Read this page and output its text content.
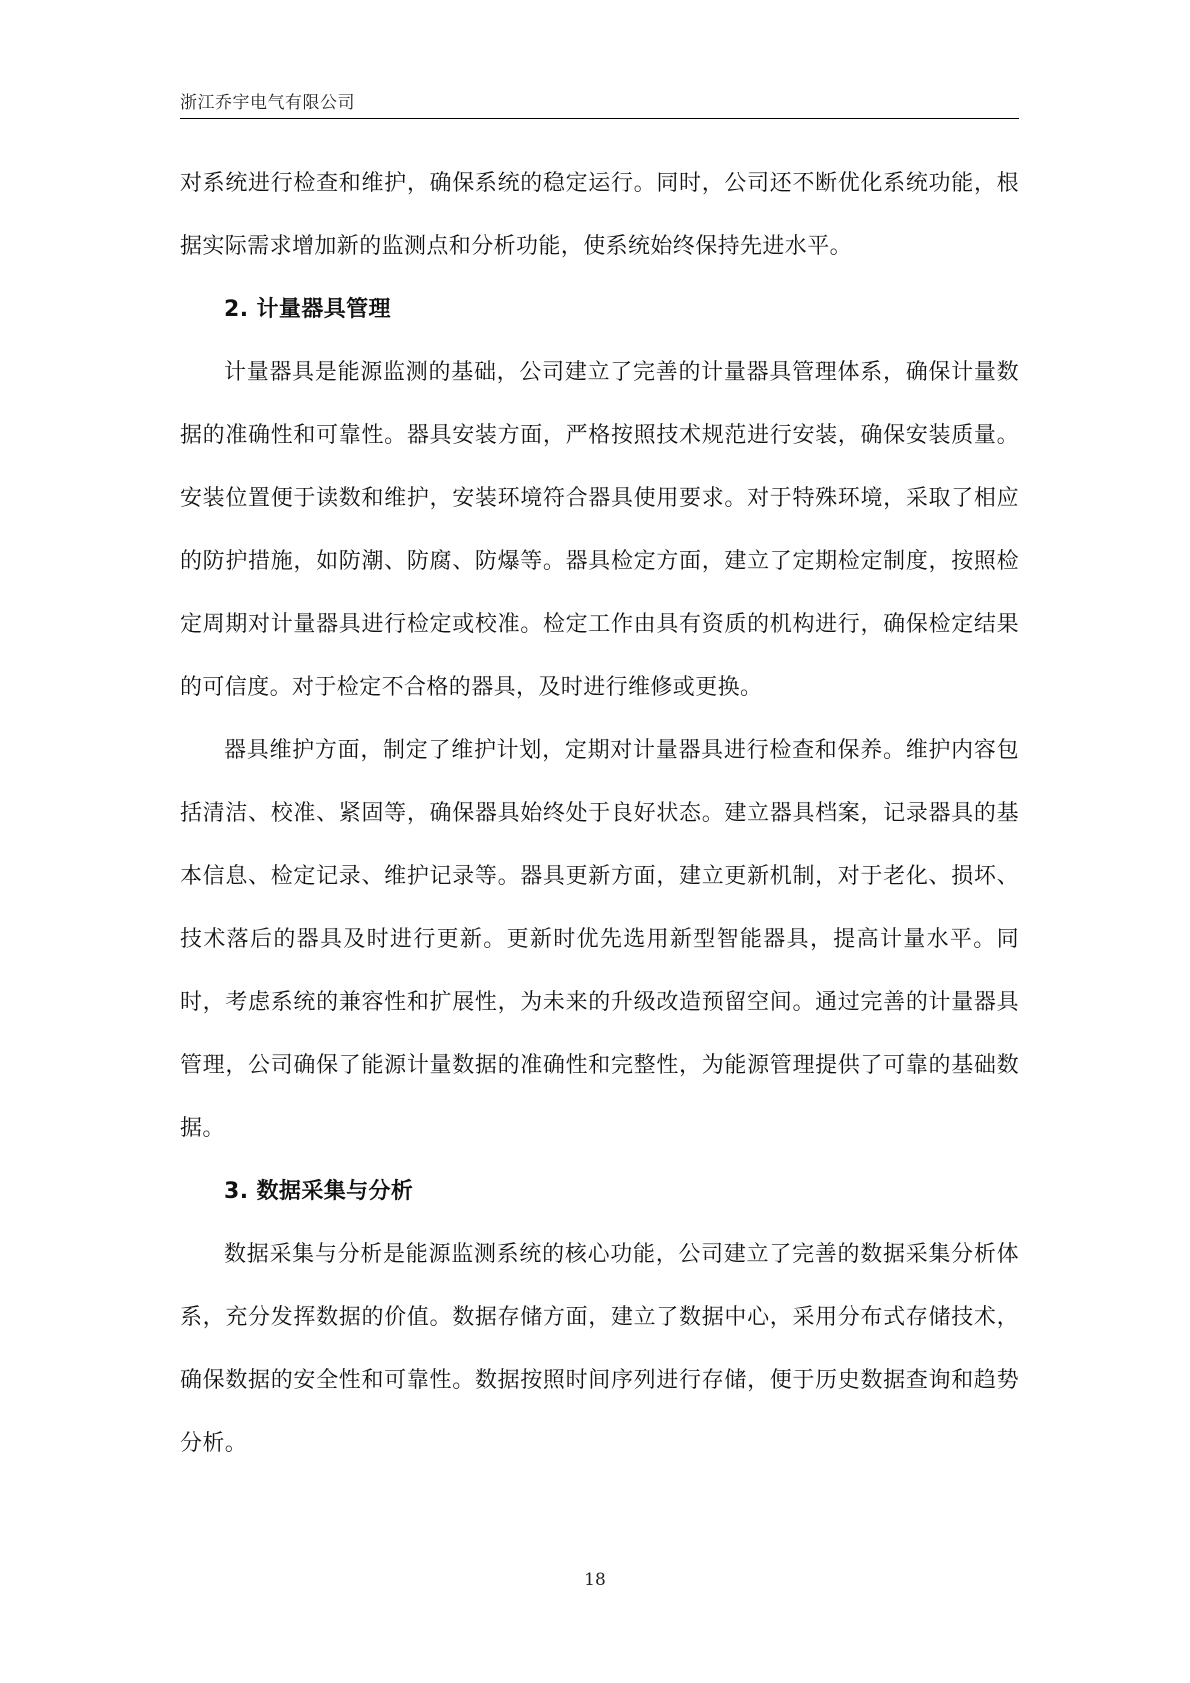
浙江乔宇电气有限公司

对系统进行检查和维护，确保系统的稳定运行。同时，公司还不断优化系统功能，根据实际需求增加新的监测点和分析功能，使系统始终保持先进水平。

2. 计量器具管理

计量器具是能源监测的基础，公司建立了完善的计量器具管理体系，确保计量数据的准确性和可靠性。器具安装方面，严格按照技术规范进行安装，确保安装质量。安装位置便于读数和维护，安装环境符合器具使用要求。对于特殊环境，采取了相应的防护措施，如防潮、防腐、防爆等。器具检定方面，建立了定期检定制度，按照检定周期对计量器具进行检定或校准。检定工作由具有资质的机构进行，确保检定结果的可信度。对于检定不合格的器具，及时进行维修或更换。

器具维护方面，制定了维护计划，定期对计量器具进行检查和保养。维护内容包括清洁、校准、紧固等，确保器具始终处于良好状态。建立器具档案，记录器具的基本信息、检定记录、维护记录等。器具更新方面，建立更新机制，对于老化、损坏、技术落后的器具及时进行更新。更新时优先选用新型智能器具，提高计量水平。同时，考虑系统的兼容性和扩展性，为未来的升级改造预留空间。通过完善的计量器具管理，公司确保了能源计量数据的准确性和完整性，为能源管理提供了可靠的基础数据。

3. 数据采集与分析

数据采集与分析是能源监测系统的核心功能，公司建立了完善的数据采集分析体系，充分发挥数据的价值。数据存储方面，建立了数据中心，采用分布式存储技术，确保数据的安全性和可靠性。数据按照时间序列进行存储，便于历史数据查询和趋势分析。

18
